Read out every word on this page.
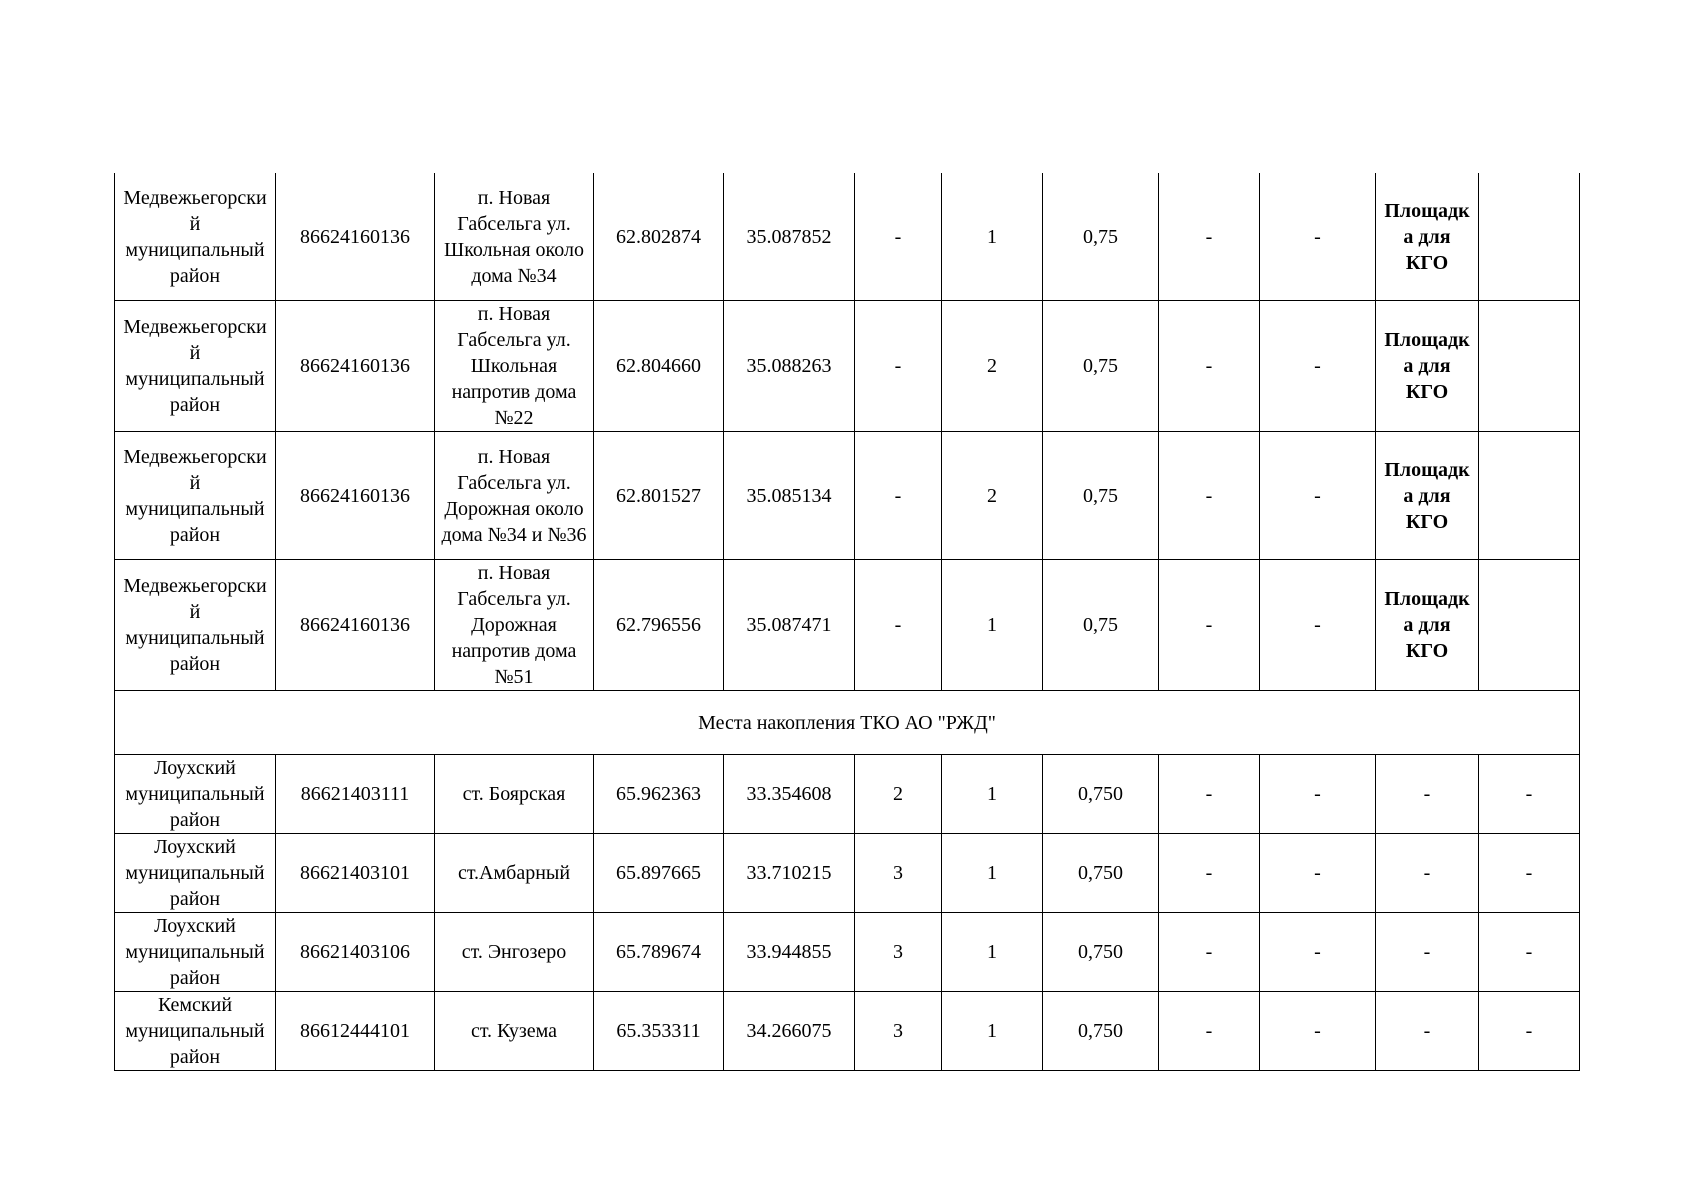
Медвежьегорский муниципальный район	86624160136	п. Новая Габсельга ул. Школьная около дома №34	62.802874	35.087852	-	1	0,75	-	-	Площадка для КГО	
Медвежьегорский муниципальный район	86624160136	п. Новая Габсельга ул. Школьная напротив дома №22	62.804660	35.088263	-	2	0,75	-	-	Площадка для КГО	
Медвежьегорский муниципальный район	86624160136	п. Новая Габсельга ул. Дорожная около дома №34 и №36	62.801527	35.085134	-	2	0,75	-	-	Площадка для КГО	
Медвежьегорский муниципальный район	86624160136	п. Новая Габсельга ул. Дорожная напротив дома №51	62.796556	35.087471	-	1	0,75	-	-	Площадка для КГО	
Места накопления ТКО АО "РЖД"											
Лоухский муниципальный район	86621403111	ст. Боярская	65.962363	33.354608	2	1	0,750	-	-	-	-
Лоухский муниципальный район	86621403101	ст.Амбарный	65.897665	33.710215	3	1	0,750	-	-	-	-
Лоухский муниципальный район	86621403106	ст. Энгозеро	65.789674	33.944855	3	1	0,750	-	-	-	-
Кемский муниципальный район	86612444101	ст. Кузема	65.353311	34.266075	3	1	0,750	-	-	-	-
